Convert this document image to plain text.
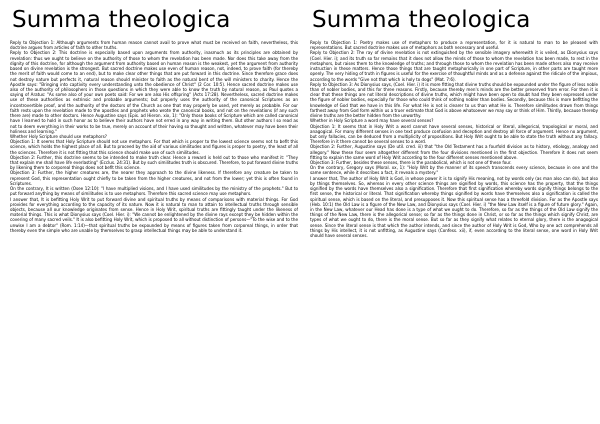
Summa theologica

Reply to Objection 1: Although arguments from human reason cannot avail to prove what must be received on faith, nevertheless, this doctrine argues from articles of faith to other truths.

Reply to Objection 2: This doctrine is especially based upon arguments from authority, inasmuch as its principles are obtained by revelation: thus we ought to believe on the authority of those to whom the revelation has been made. Nor does this take away from the dignity of this doctrine, for although the argument from authority based on human reason is the weakest, yet the argument from authority based on divine revelation is the strongest. But sacred doctrine makes use even of human reason, not, indeed, to prove faith (for thereby the merit of faith would come to an end), but to make clear other things that are put forward in this doctrine. Since therefore grace does not destroy nature but perfects it, natural reason should minister to faith as the natural bent of the will ministers to charity. Hence the Apostle says: "Bringing into captivity every understanding unto the obedience of Christ" (2 Cor. 10:5). Hence sacred doctrine makes use also of the authority of philosophers in those questions in which they were able to know the truth by natural reason, as Paul quotes a saying of Aratus: "As some also of your own poets said: For we are also His offspring" (Acts 17:28). Nevertheless, sacred doctrine makes use of these authorities as extrinsic and probable arguments; but properly uses the authority of the canonical Scriptures as an incontrovertible proof, and the authority of the doctors of the Church as one that may properly be used, yet merely as probable. For our faith rests upon the revelation made to the apostles and prophets who wrote the canonical books, and not on the revelations (if any such there are) made to other doctors. Hence Augustine says (Epis. ad Hieron. xix, 1): "Only those books of Scripture which are called canonical have I learned to hold in such honor as to believe their authors have not erred in any way in writing them. But other authors I so read as not to deem everything in their works to be true, merely on account of their having so thought and written, whatever may have been their holiness and learning."

Whether Holy Scripture should use metaphors?

Objection 1: It seems that Holy Scripture should not use metaphors. For that which is proper to the lowest science seems not to befit this science, which holds the highest place of all. But to proceed by the aid of various similitudes and figures is proper to poetry, the least of all the sciences. Therefore it is not fitting that this science should make use of such similitudes.

Objection 2: Further, this doctrine seems to be intended to make truth clear. Hence a reward is held out to those who manifest it: "They that explain me shall have life everlasting" (Ecclus. 24:31). But by such similitudes truth is obscured. Therefore, to put forward divine truths by likening them to corporeal things does not befit this science.

Objection 3: Further, the higher creatures are, the nearer they approach to the divine likeness. If therefore any creature be taken to represent God, this representation ought chiefly to be taken from the higher creatures, and not from the lower; yet this is often found in Scriptures.

On the contrary, It is written (Osee 12:10): "I have multiplied visions, and I have used similitudes by the ministry of the prophets." But to put forward anything by means of similitudes is to use metaphors. Therefore this sacred science may use metaphors.

I answer that, It is befitting Holy Writ to put forward divine and spiritual truths by means of comparisons with material things. For God provides for everything according to the capacity of its nature. Now it is natural to man to attain to intellectual truths through sensible objects, because all our knowledge originates from sense. Hence in Holy Writ, spiritual truths are fittingly taught under the likeness of material things. This is what Dionysius says (Coel. Hier. i): "We cannot be enlightened by the divine rays except they be hidden within the covering of many sacred veils." It is also befitting Holy Writ, which is proposed to all without distinction of persons—"To the wise and to the unwise I am a debtor" (Rom. 1:14)—that spiritual truths be expounded by means of figures taken from corporeal things, in order that thereby even the simple who are unable by themselves to grasp intellectual things may be able to understand it.

Summa theologica

Reply to Objection 1: Poetry makes use of metaphors to produce a representation, for it is natural to man to be pleased with representations. But sacred doctrine makes use of metaphors as both necessary and useful.

Reply to Objection 2: The ray of divine revelation is not extinguished by the sensible imagery wherewith it is veiled, as Dionysius says (Coel. Hier. i); and its truth so far remains that it does not allow the minds of those to whom the revelation has been made, to rest in the metaphors, but raises them to the knowledge of truths; and through those to whom the revelation has been made others also may receive instruction in these matters. Hence those things that are taught metaphorically in one part of Scripture, in other parts are taught more openly. The very hiding of truth in figures is useful for the exercise of thoughtful minds and as a defense against the ridicule of the impious, according to the words "Give not that which is holy to dogs" (Mat. 7:6).

Reply to Objection 3: As Dionysius says, (Coel. Hier. i) it is more fitting that divine truths should be expounded under the figure of less noble than of nobler bodies, and this for three reasons. Firstly, because thereby men's minds are the better preserved from error. For then it is clear that these things are not literal descriptions of divine truths, which might have been open to doubt had they been expressed under the figure of nobler bodies, especially for those who could think of nothing nobler than bodies. Secondly, because this is more befitting the knowledge of God that we have in this life. For what He is not is clearer to us than what He is. Therefore similitudes drawn from things farthest away from God form within us a truer estimate that God is above whatsoever we may say or think of Him. Thirdly, because thereby divine truths are the better hidden from the unworthy.

Whether in Holy Scripture a word may have several senses?

Objection 1: It seems that in Holy Writ a word cannot have several senses, historical or literal, allegorical, tropological or moral, and anagogical. For many different senses in one text produce confusion and deception and destroy all force of argument. Hence no argument, but only fallacies, can be deduced from a multiplicity of propositions. But Holy Writ ought to be able to state the truth without any fallacy. Therefore in it there cannot be several senses to a word.

Objection 2: Further, Augustine says (De util. cred. iii) that "the Old Testament has a fourfold division as to history, etiology, analogy and allegory." Now these four seem altogether different from the four divisions mentioned in the first objection. Therefore it does not seem fitting to explain the same word of Holy Writ according to the four different senses mentioned above.

Objection 3: Further, besides these senses, there is the parabolical, which is not one of these four.

On the contrary, Gregory says (Moral. xx, 1): "Holy Writ by the manner of its speech transcends every science, because in one and the same sentence, while it describes a fact, it reveals a mystery."

I answer that, The author of Holy Writ is God, in whose power it is to signify His meaning, not by words only (as man also can do), but also by things themselves. So, whereas in every other science things are signified by words, this science has the property, that the things signified by the words have themselves also a signification. Therefore that first signification whereby words signify things belongs to the first sense, the historical or literal. That signification whereby things signified by words have themselves also a signification is called the spiritual sense, which is based on the literal, and presupposes it. Now this spiritual sense has a threefold division. For as the Apostle says (Heb. 10:1) the Old Law is a figure of the New Law, and Dionysius says (Coel. Hier. i) "the New Law itself is a figure of future glory." Again, in the New Law, whatever our Head has done is a type of what we ought to do. Therefore, so far as the things of the Old Law signify the things of the New Law, there is the allegorical sense; so far as the things done in Christ, or so far as the things which signify Christ, are types of what we ought to do, there is the moral sense. But so far as they signify what relates to eternal glory, there is the anagogical sense. Since the literal sense is that which the author intends, and since the author of Holy Writ is God, Who by one act comprehends all things by His intellect, it is not unfitting, as Augustine says (Confess. xii), if, even according to the literal sense, one word in Holy Writ should have several senses.
